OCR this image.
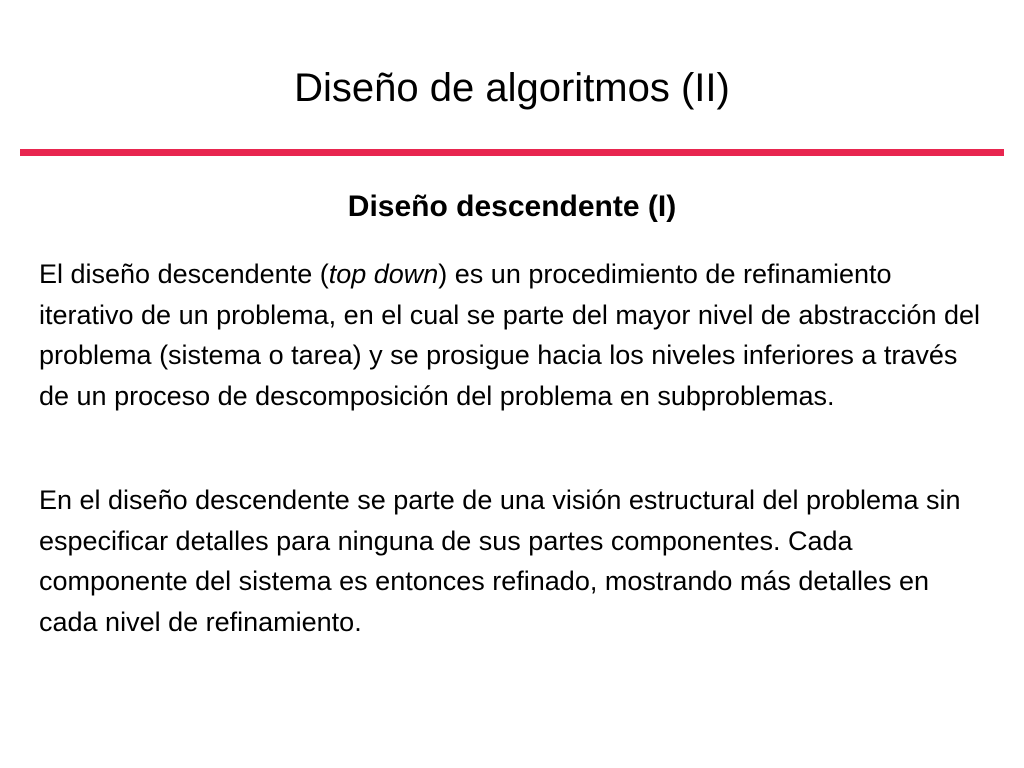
Diseño de algoritmos (II)
Diseño descendente (I)

El diseño descendente (top down) es un procedimiento de refinamiento iterativo de un problema, en el cual se parte del mayor nivel de abstracción del problema (sistema o tarea) y se prosigue hacia los niveles inferiores a través de un proceso de descomposición del problema en subproblemas.

En el diseño descendente se parte de una visión estructural del problema sin especificar detalles para ninguna de sus partes componentes. Cada componente del sistema es entonces refinado, mostrando más detalles en cada nivel de refinamiento.
